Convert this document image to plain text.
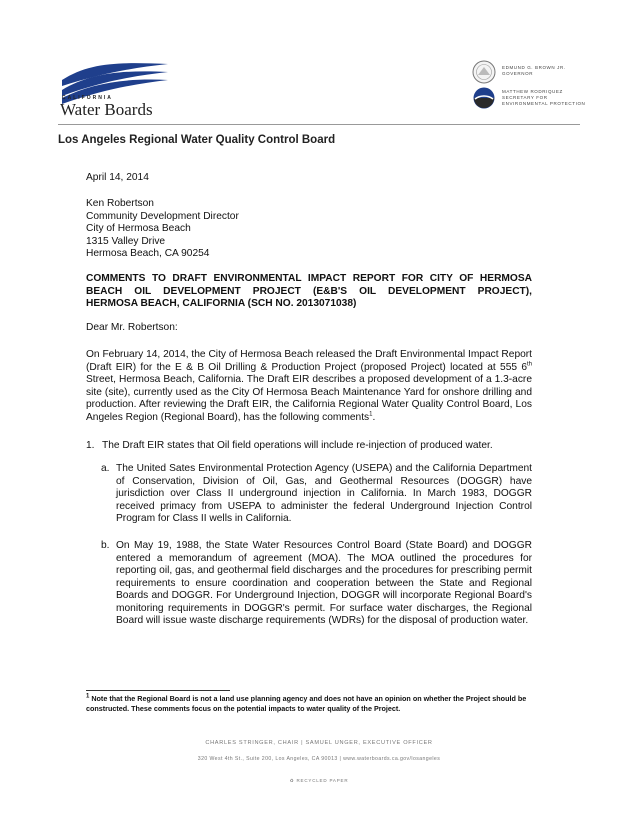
CALIFORNIA
Water Boards
EDMUND G. BROWN JR.
GOVERNOR
MATTHEW RODRIQUEZ
SECRETARY FOR
ENVIRONMENTAL PROTECTION
Los Angeles Regional Water Quality Control Board
April 14, 2014
Ken Robertson
Community Development Director
City of Hermosa Beach
1315 Valley Drive
Hermosa Beach, CA 90254
COMMENTS TO DRAFT ENVIRONMENTAL IMPACT REPORT FOR CITY OF HERMOSA
BEACH OIL DEVELOPMENT PROJECT (E&B'S OIL DEVELOPMENT PROJECT),
HERMOSA BEACH, CALIFORNIA (SCH NO. 2013071038)
Dear Mr. Robertson:

On February 14, 2014, the City of Hermosa Beach released the Draft Environmental Impact Report (Draft EIR) for the E & B Oil Drilling & Production Project (proposed Project) located at 555 6th Street, Hermosa Beach, California. The Draft EIR describes a proposed development of a 1.3-acre site (site), currently used as the City Of Hermosa Beach Maintenance Yard for onshore drilling and production. After reviewing the Draft EIR, the California Regional Water Quality Control Board, Los Angeles Region (Regional Board), has the following comments$^1$.

1. The Draft EIR states that Oil field operations will include re-injection of produced water.
a. The United Sates Environmental Protection Agency (USEPA) and the California Department of Conservation, Division of Oil, Gas, and Geothermal Resources (DOGGR) have jurisdiction over Class II underground injection in California. In March 1983, DOGGR received primacy from USEPA to administer the federal Underground Injection Control Program for Class II wells in California.

b. On May 19, 1988, the State Water Resources Control Board (State Board) and DOGGR entered a memorandum of agreement (MOA). The MOA outlined the procedures for reporting oil, gas, and geothermal field discharges and the procedures for prescribing permit requirements to ensure coordination and cooperation between the State and Regional Boards and DOGGR. For Underground Injection, DOGGR will incorporate Regional Board's monitoring requirements in DOGGR's permit. For surface water discharges, the Regional Board will issue waste discharge requirements (WDRs) for the disposal of production water.

$^1$ Note that the Regional Board is not a land use planning agency and does not have an opinion on whether the Project should be constructed. These comments focus on the potential impacts to water quality of the Project.
CHARLES STRINGER, CHAIR | SAMUEL UNGER, EXECUTIVE OFFICER
320 West 4th St., Suite 200, Los Angeles, CA 90013 | www.waterboards.ca.gov/losangeles
♻ RECYCLED PAPER
